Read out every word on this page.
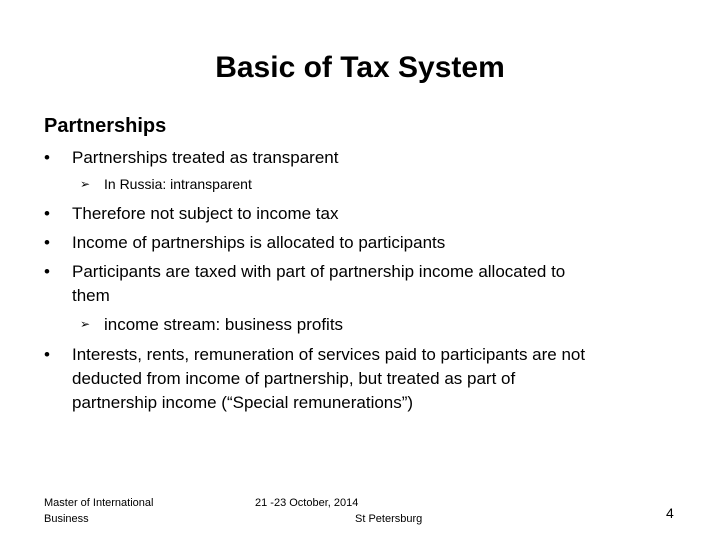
Basic of Tax System
Partnerships
• Partnerships treated as transparent
➢ In Russia: intransparent
• Therefore not subject to income tax
• Income of partnerships is allocated to participants
• Participants are taxed with part of partnership income allocated to
them
➢ income stream: business profits
• Interests, rents, remuneration of services paid to participants are not
deducted from income of partnership, but treated as part of
partnership income (“Special remunerations”)
Master of International
Business
21 -23 October, 2014
St Petersburg	4
